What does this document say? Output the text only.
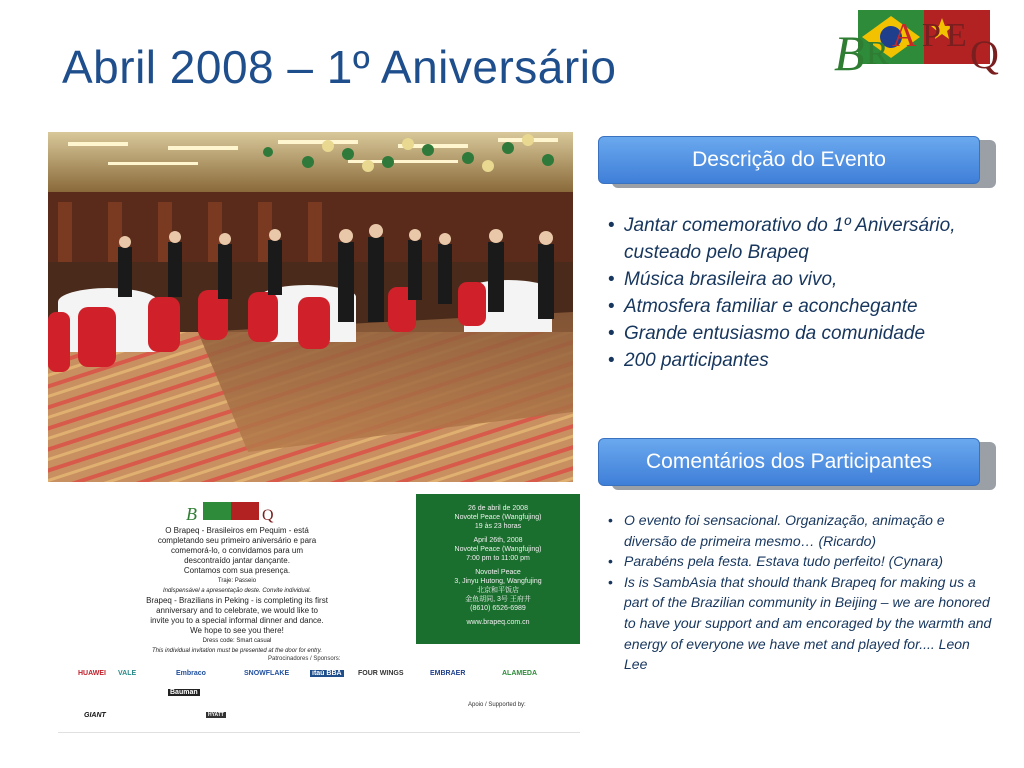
Abril 2008 – 1º Aniversário	B R A P E Q
B	Q
O Brapeq - Brasileiros em Pequim - está
completando seu primeiro aniversário e para
comemorá-lo, o convidamos para um
descontraído jantar dançante.
Contamos com sua presença.
Traje: Passeio
Indispensável a apresentação deste. Convite individual.
Brapeq - Brazilians in Peking - is completing its first
anniversary and to celebrate, we would like to
invite you to a special informal dinner and dance.
We hope to see you there!
Dress code: Smart casual
This individual invitation must be presented at the door for entry.
26 de abril de 2008
Novotel Peace (Wangfujing)
19 às 23 horas
April 26th, 2008
Novotel Peace (Wangfujing)
7:00 pm to 11:00 pm
Novotel Peace
3, Jinyu Hutong, Wangfujing
北京和平饭店
金鱼胡同, 3号 王府井
(8610) 6526-6989
www.brapeq.com.cn
Patrocinadores / Sponsors:
HUAWEI VALE	Embraco	SNOWFLAKE	itaú BBA FOUR WINGS	EMBRAER	ALAMEDA
Bauman
Apoio / Supported by:
GIANT	HYATT
Descrição do Evento
• Jantar comemorativo do 1º Aniversário, custeado pelo Brapeq
• Música brasileira ao vivo,
• Atmosfera familiar e aconchegante
• Grande entusiasmo da comunidade
• 200 participantes
Comentários dos Participantes
• O evento foi sensacional. Organização, animação e diversão de primeira mesmo… (Ricardo)
• Parabéns pela festa. Estava tudo perfeito! (Cynara)
• Is is SambAsia that should thank Brapeq for making us a part of the Brazilian community in Beijing – we are honored to have your support and am encoraged by the warmth and energy of everyone we have met and played for.... Leon Lee
